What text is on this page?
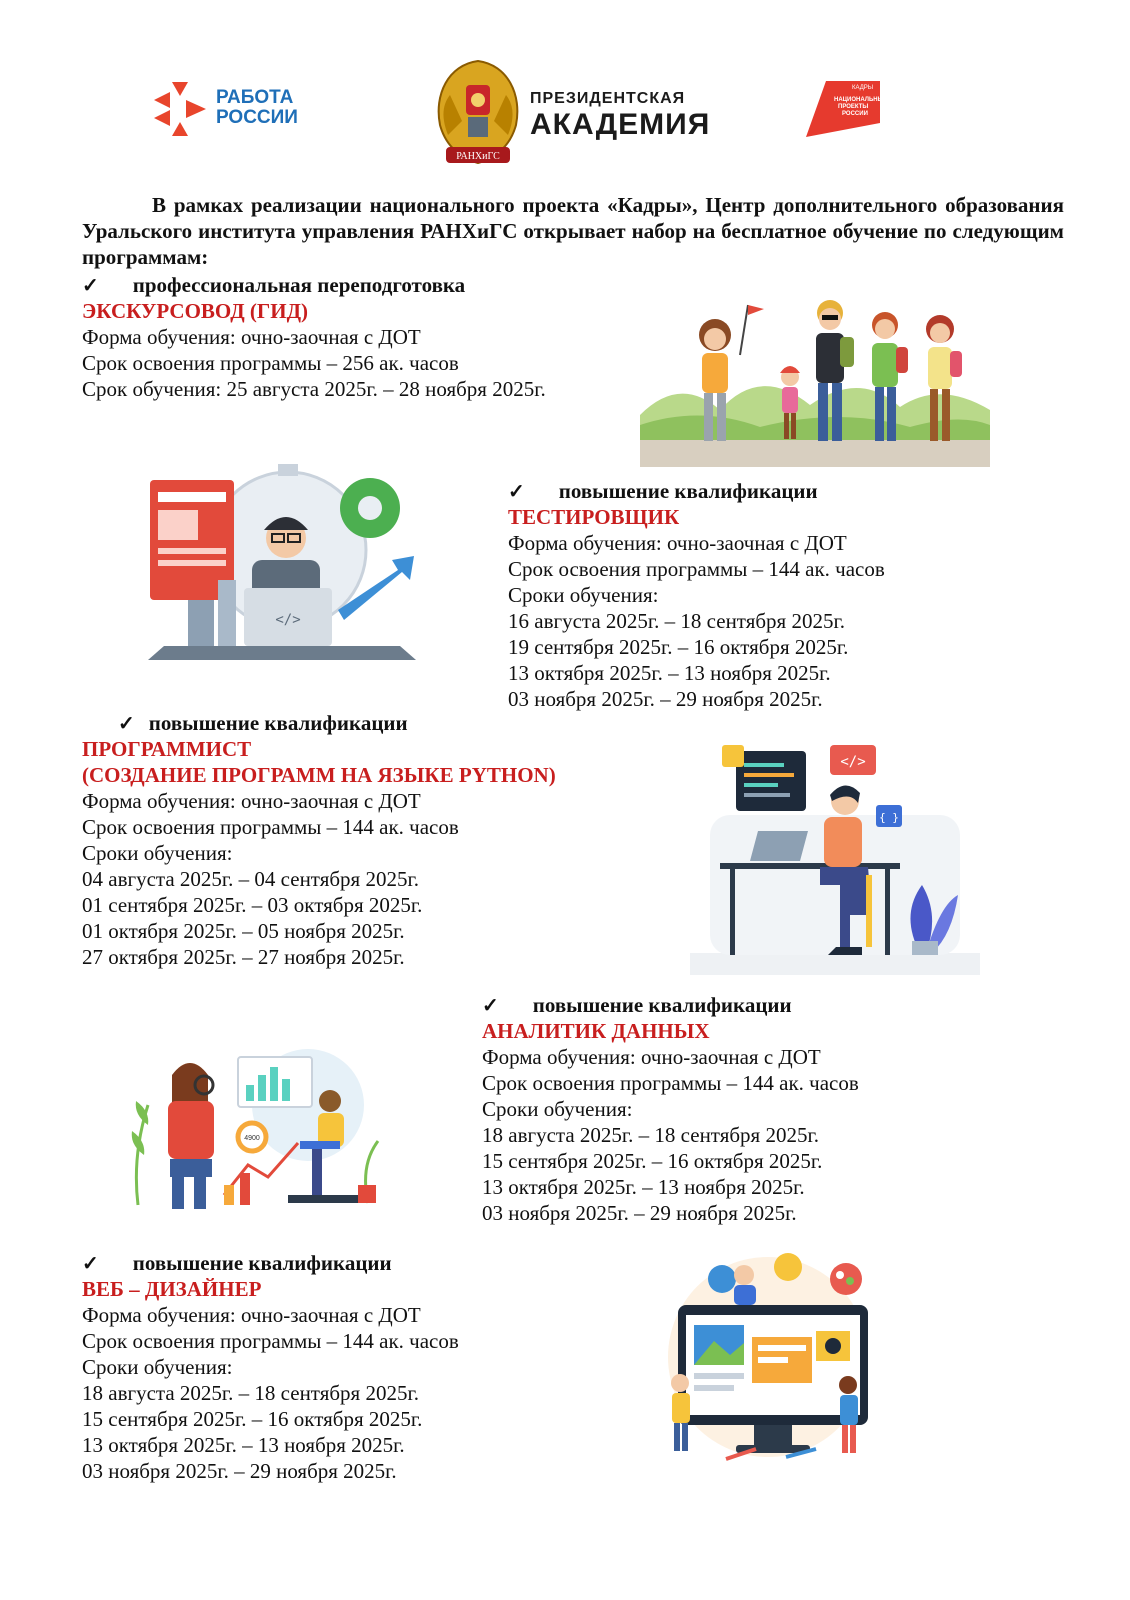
РАБОТА
РОССИИ
РАНХиГС
ПРЕЗИДЕНТСКАЯ
АКАДЕМИЯ
КАДРЫ
НАЦИОНАЛЬНЫЕ
ПРОЕКТЫ
РОССИИ
В рамках реализации национального проекта «Кадры», Центр дополнительного образования Уральского института управления РАНХиГС открывает набор на бесплатное обучение по следующим программам:
✓ профессиональная переподготовка
ЭКСКУРСОВОД (ГИД)
Форма обучения: очно-заочная с ДОТ
Срок освоения программы – 256 ак. часов
Срок обучения: 25 августа 2025г. – 28 ноября 2025г.
</>
✓ повышение квалификации
ТЕСТИРОВЩИК
Форма обучения: очно-заочная с ДОТ
Срок освоения программы – 144 ак. часов
Сроки обучения:
16 августа 2025г. – 18 сентября 2025г.
19 сентября 2025г. – 16 октября 2025г.
13 октября 2025г. – 13 ноября 2025г.
03 ноября 2025г. – 29 ноября 2025г.
✓ повышение квалификации
ПРОГРАММИСТ
(СОЗДАНИЕ ПРОГРАММ НА ЯЗЫКЕ PYTHON)
Форма обучения: очно-заочная с ДОТ
Срок освоения программы – 144 ак. часов
Сроки обучения:
04 августа 2025г. – 04 сентября 2025г.
01 сентября 2025г. – 03 октября 2025г.
01 октября 2025г. – 05 ноября 2025г.
27 октября 2025г. – 27 ноября 2025г.
</>
{ }
✓ повышение квалификации
АНАЛИТИК ДАННЫХ
Форма обучения: очно-заочная с ДОТ
Срок освоения программы – 144 ак. часов
Сроки обучения:
18 августа 2025г. – 18 сентября 2025г.
15 сентября 2025г. – 16 октября 2025г.
13 октября 2025г. – 13 ноября 2025г.
03 ноября 2025г. – 29 ноября 2025г.
4900
✓ повышение квалификации
ВЕБ – ДИЗАЙНЕР
Форма обучения: очно-заочная с ДОТ
Срок освоения программы – 144 ак. часов
Сроки обучения:
18 августа 2025г. – 18 сентября 2025г.
15 сентября 2025г. – 16 октября 2025г.
13 октября 2025г. – 13 ноября 2025г.
03 ноября 2025г. – 29 ноября 2025г.
